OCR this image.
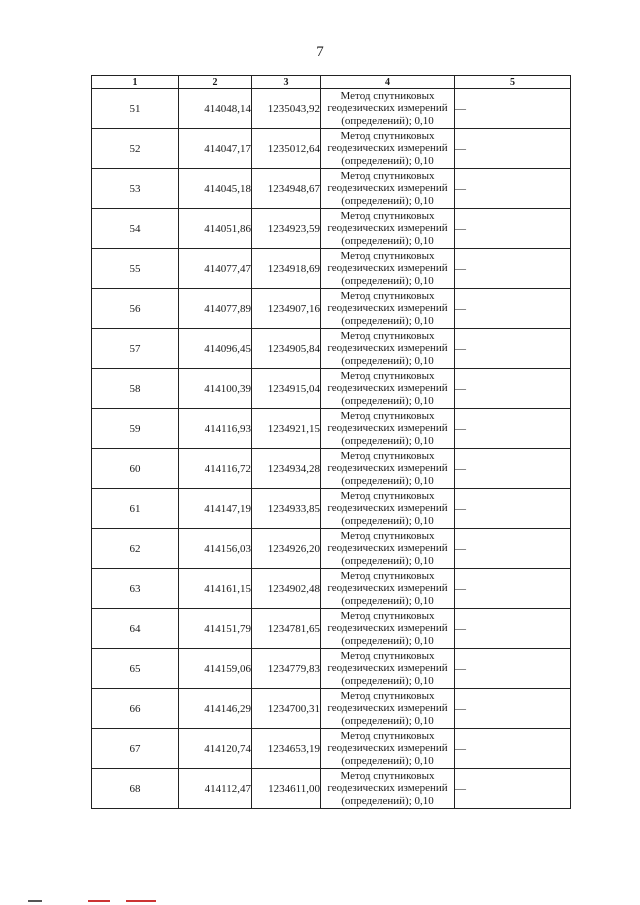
7
1	2	3	4	5
51	414048,14	1235043,92	Метод спутниковых
геодезических измерений
(определений); 0,10	—
52	414047,17	1235012,64	Метод спутниковых
геодезических измерений
(определений); 0,10	—
53	414045,18	1234948,67	Метод спутниковых
геодезических измерений
(определений); 0,10	—
54	414051,86	1234923,59	Метод спутниковых
геодезических измерений
(определений); 0,10	—
55	414077,47	1234918,69	Метод спутниковых
геодезических измерений
(определений); 0,10	—
56	414077,89	1234907,16	Метод спутниковых
геодезических измерений
(определений); 0,10	—
57	414096,45	1234905,84	Метод спутниковых
геодезических измерений
(определений); 0,10	—
58	414100,39	1234915,04	Метод спутниковых
геодезических измерений
(определений); 0,10	—
59	414116,93	1234921,15	Метод спутниковых
геодезических измерений
(определений); 0,10	—
60	414116,72	1234934,28	Метод спутниковых
геодезических измерений
(определений); 0,10	—
61	414147,19	1234933,85	Метод спутниковых
геодезических измерений
(определений); 0,10	—
62	414156,03	1234926,20	Метод спутниковых
геодезических измерений
(определений); 0,10	—
63	414161,15	1234902,48	Метод спутниковых
геодезических измерений
(определений); 0,10	—
64	414151,79	1234781,65	Метод спутниковых
геодезических измерений
(определений); 0,10	—
65	414159,06	1234779,83	Метод спутниковых
геодезических измерений
(определений); 0,10	—
66	414146,29	1234700,31	Метод спутниковых
геодезических измерений
(определений); 0,10	—
67	414120,74	1234653,19	Метод спутниковых
геодезических измерений
(определений); 0,10	—
68	414112,47	1234611,00	Метод спутниковых
геодезических измерений
(определений); 0,10	—
